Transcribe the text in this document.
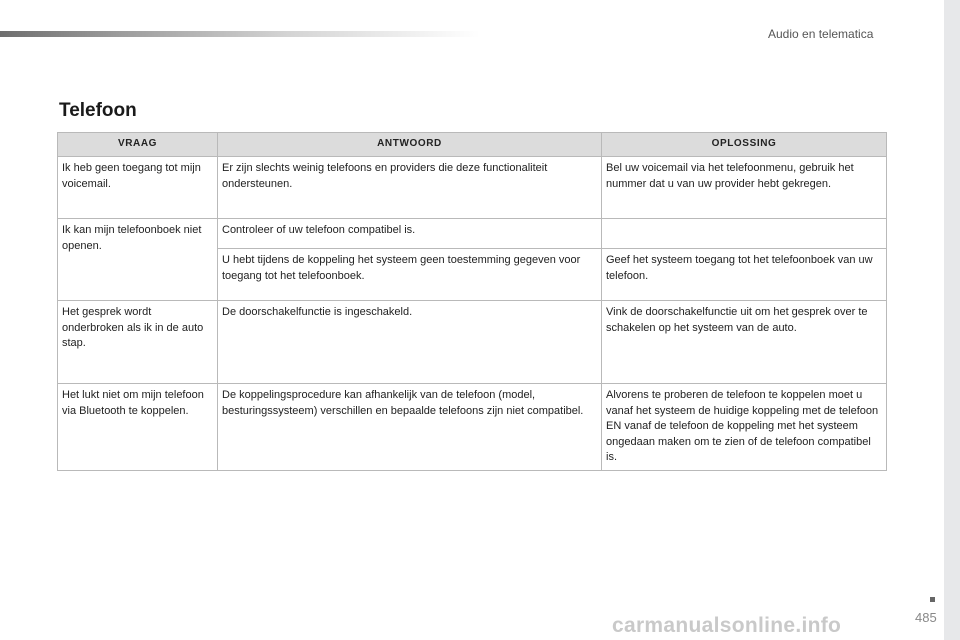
Audio en telematica
Telefoon
VRAAG	ANTWOORD	OPLOSSING
Ik heb geen toegang tot mijn voicemail.	Er zijn slechts weinig telefoons en providers die deze functionaliteit ondersteunen.	Bel uw voicemail via het telefoonmenu, gebruik het nummer dat u van uw provider hebt gekregen.
Ik kan mijn telefoonboek niet openen.	Controleer of uw telefoon compatibel is.	
	U hebt tijdens de koppeling het systeem geen toestemming gegeven voor toegang tot het telefoonboek.	Geef het systeem toegang tot het telefoonboek van uw telefoon.
Het gesprek wordt onderbroken als ik in de auto stap.	De doorschakelfunctie is ingeschakeld.	Vink de doorschakelfunctie uit om het gesprek over te schakelen op het systeem van de auto.
Het lukt niet om mijn telefoon via Bluetooth te koppelen.	De koppelingsprocedure kan afhankelijk van de telefoon (model, besturingssysteem) verschillen en bepaalde telefoons zijn niet compatibel.	Alvorens te proberen de telefoon te koppelen moet u vanaf het systeem de huidige koppeling met de telefoon EN vanaf de telefoon de koppeling met het systeem ongedaan maken om te zien of de telefoon compatibel is.
485
carmanualsonline.info
